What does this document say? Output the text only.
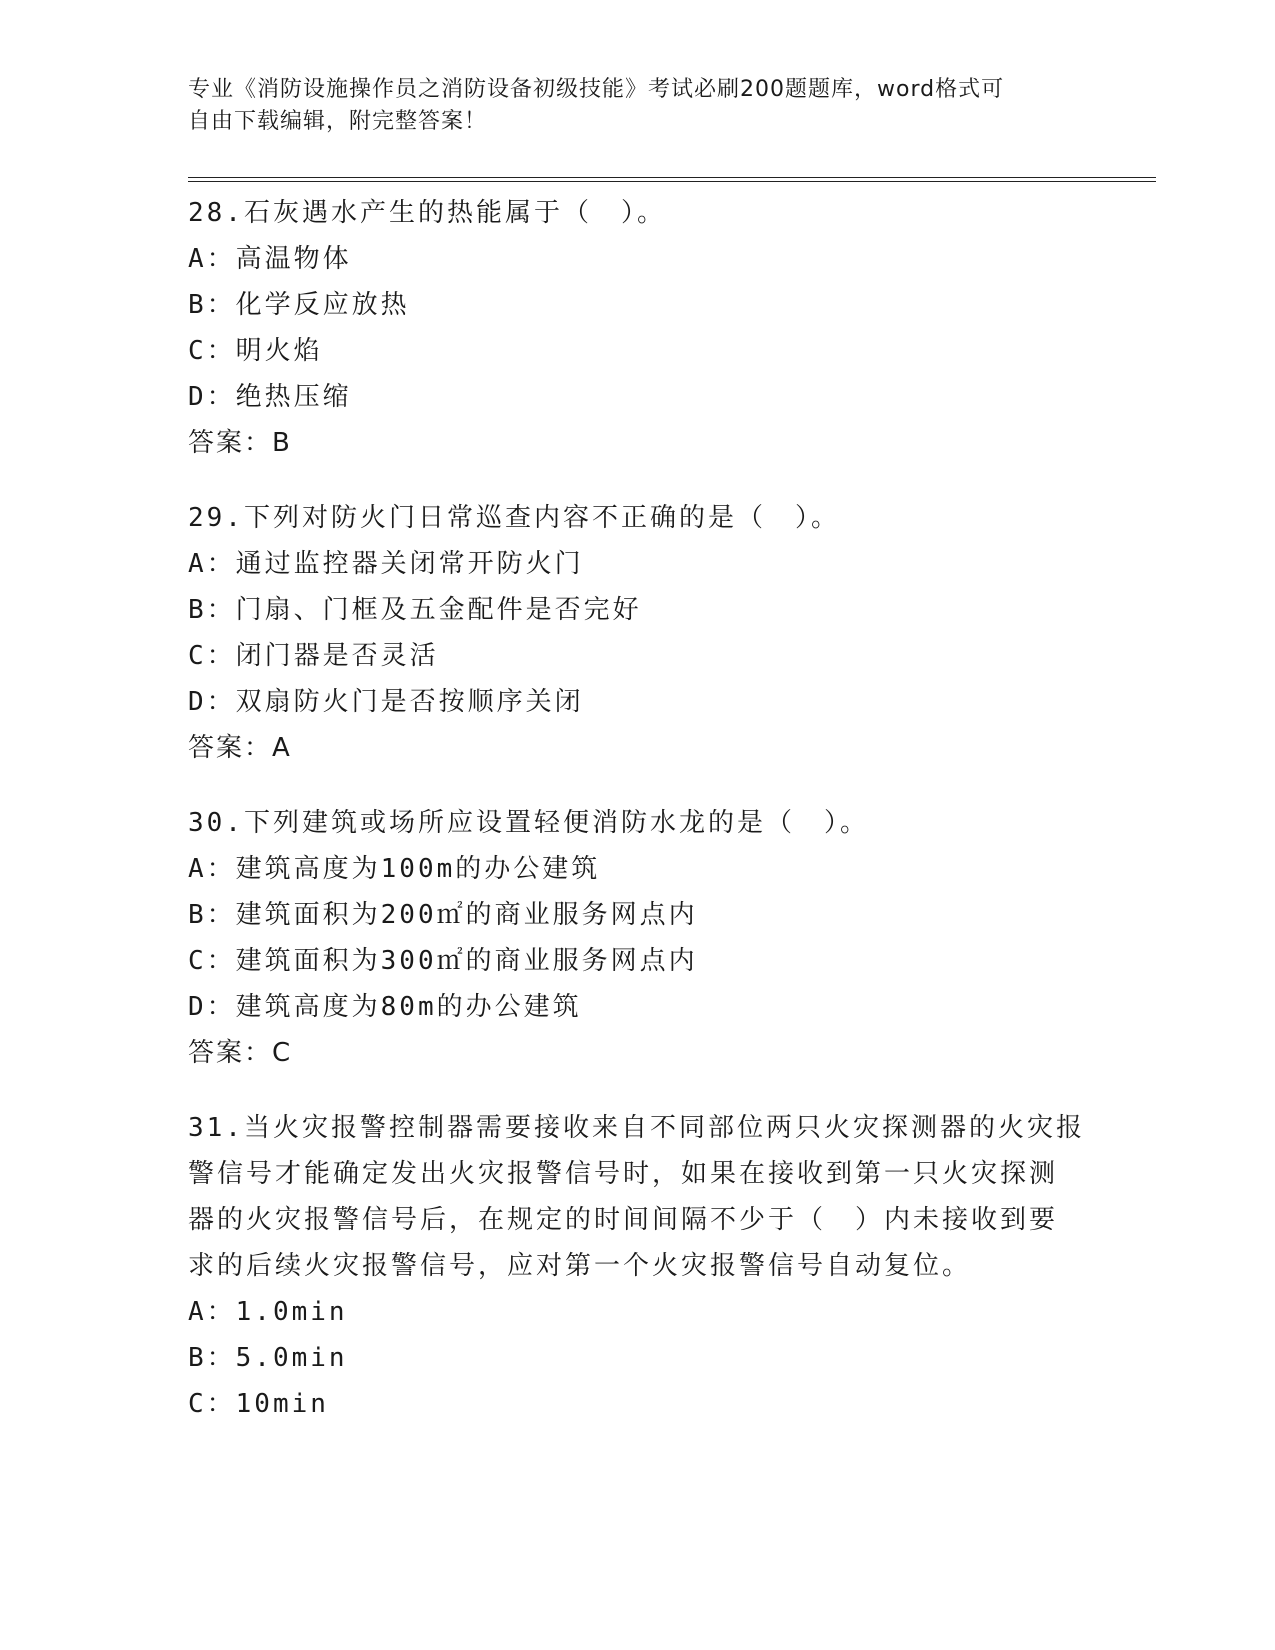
专业《消防设施操作员之消防设备初级技能》考试必刷200题题库，word格式可
自由下载编辑，附完整答案！
28.石灰遇水产生的热能属于（　）。
A：高温物体
B：化学反应放热
C：明火焰
D：绝热压缩
答案：B
29.下列对防火门日常巡查内容不正确的是（　）。
A：通过监控器关闭常开防火门
B：门扇、门框及五金配件是否完好
C：闭门器是否灵活
D：双扇防火门是否按顺序关闭
答案：A
30.下列建筑或场所应设置轻便消防水龙的是（　）。
A：建筑高度为100m的办公建筑
B：建筑面积为200㎡的商业服务网点内
C：建筑面积为300㎡的商业服务网点内
D：建筑高度为80m的办公建筑
答案：C
31.当火灾报警控制器需要接收来自不同部位两只火灾探测器的火灾报
警信号才能确定发出火灾报警信号时，如果在接收到第一只火灾探测
器的火灾报警信号后，在规定的时间间隔不少于（　）内未接收到要
求的后续火灾报警信号，应对第一个火灾报警信号自动复位。
A：1.0min
B：5.0min
C：10min
